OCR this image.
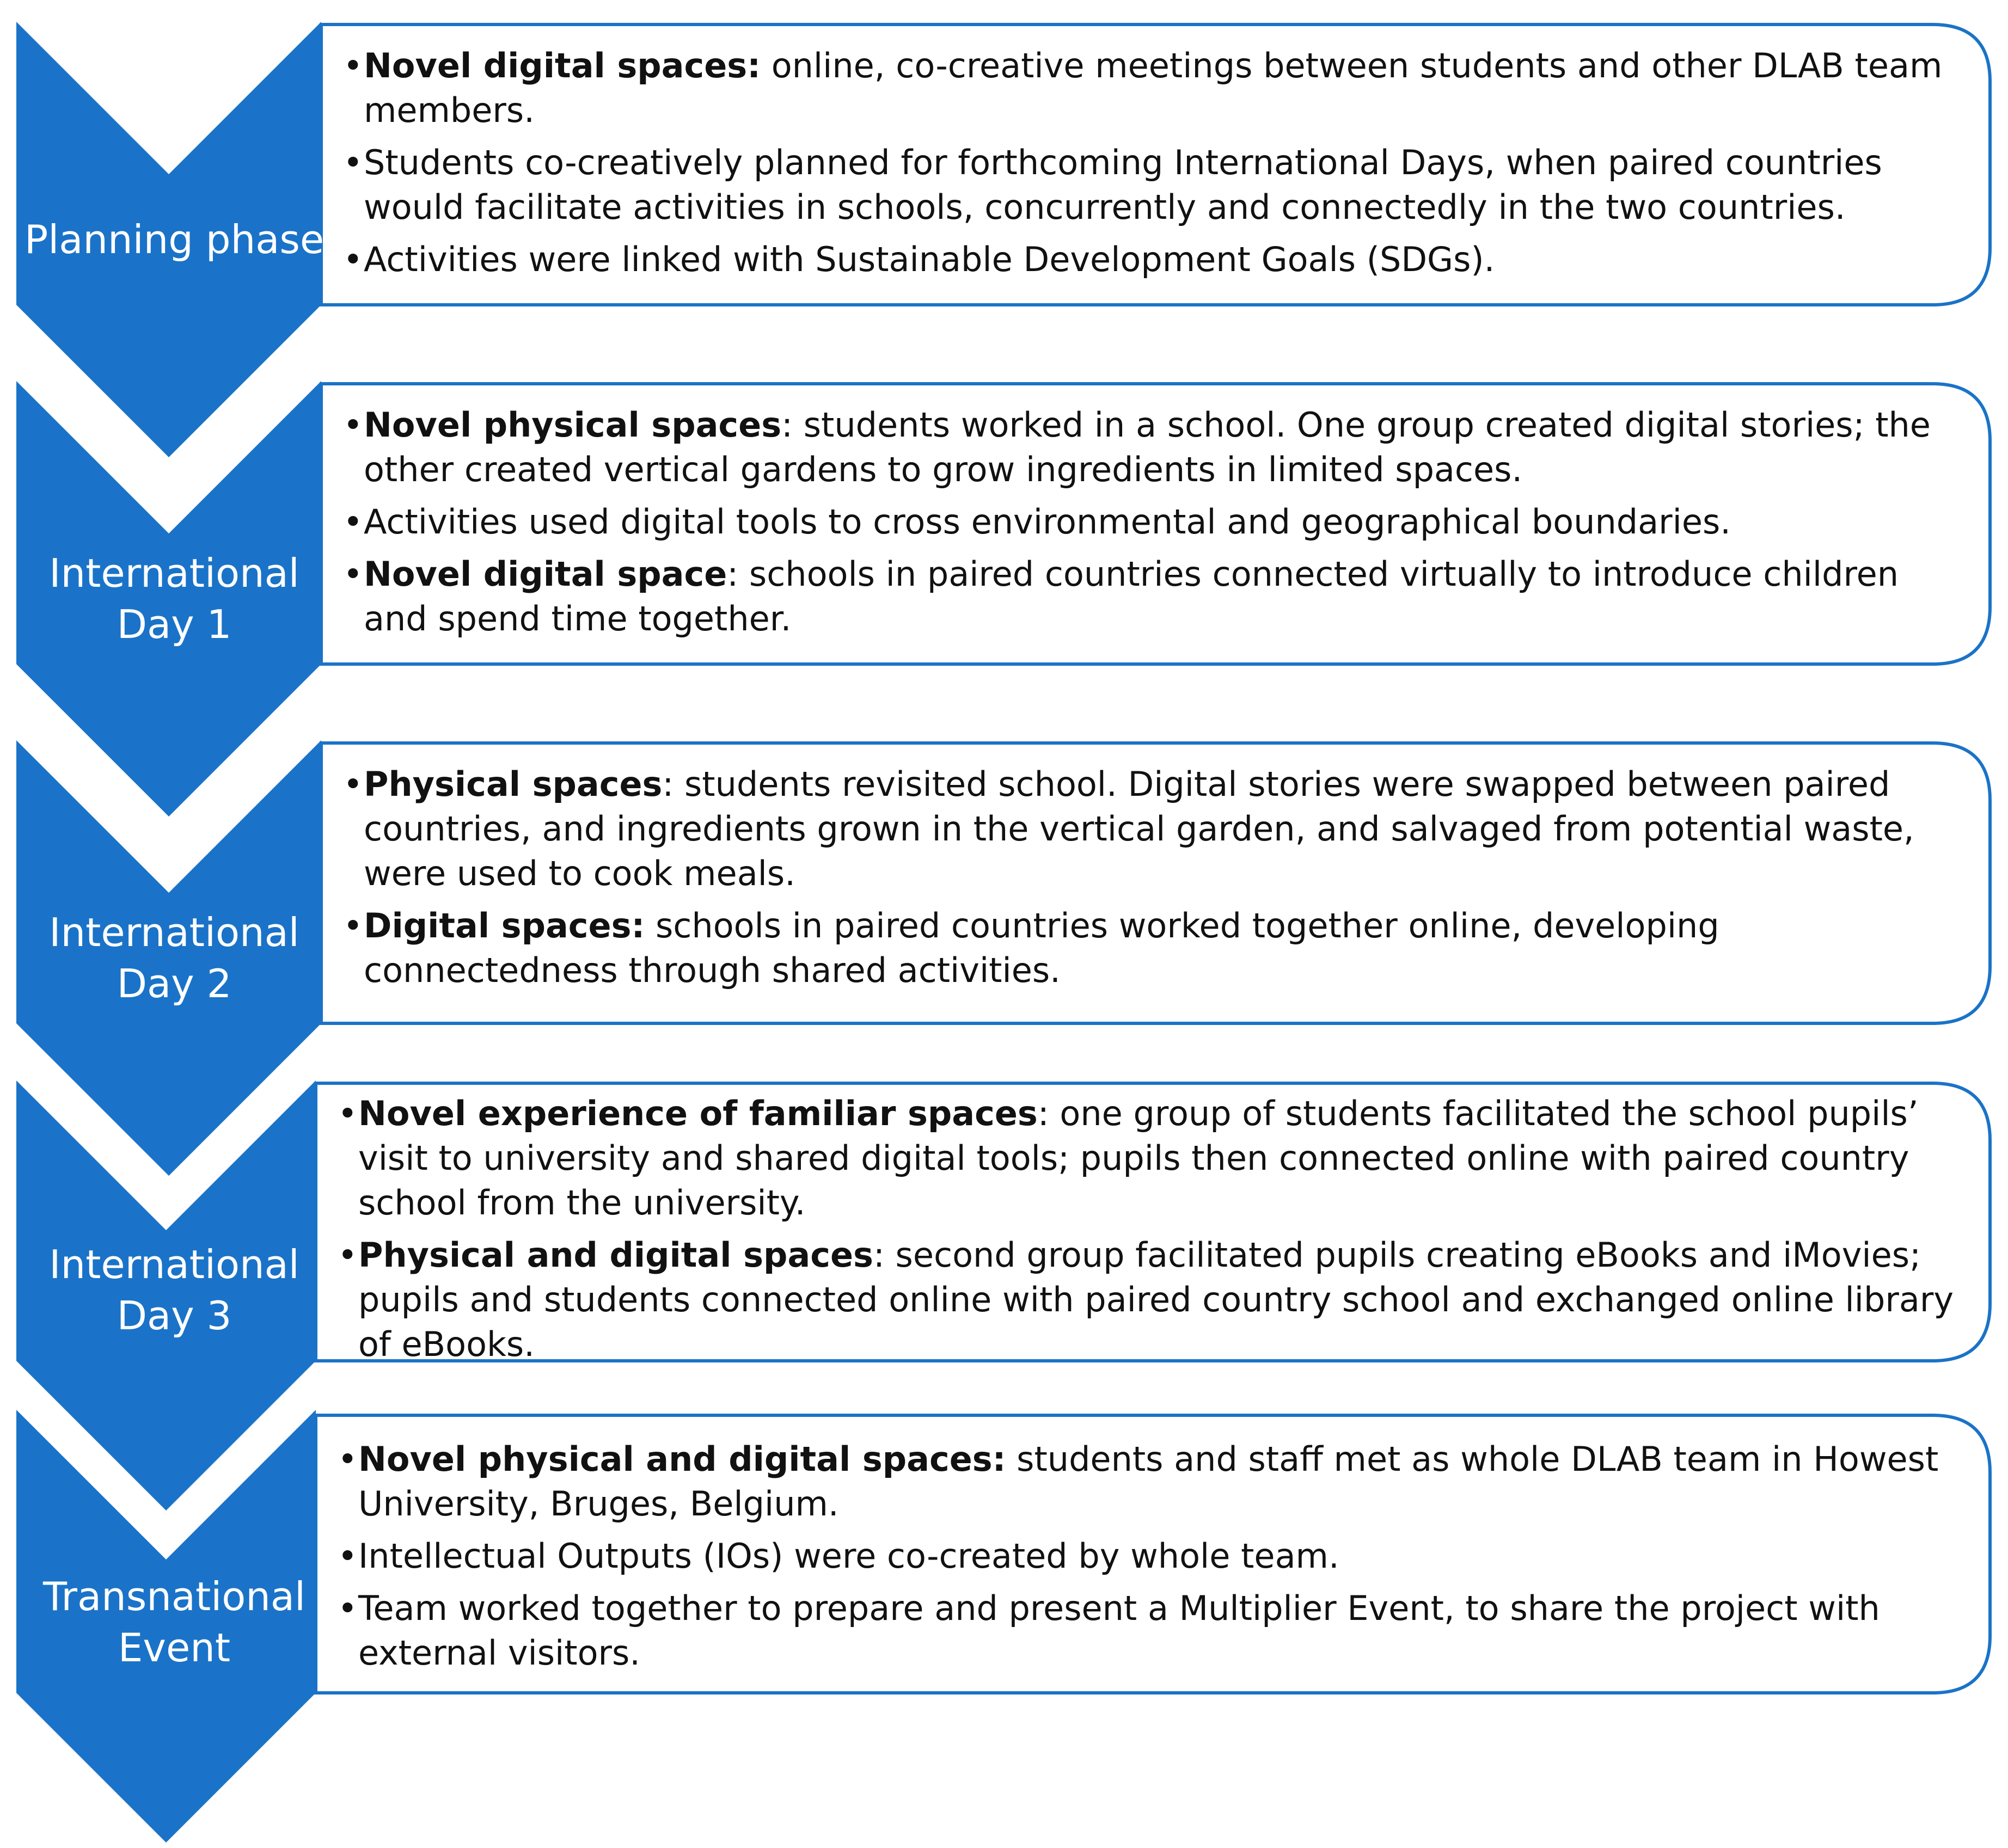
Planning phase
International Day 1
International Day 2
International Day 3
Transnational Event
• Novel digital spaces: online, co-creative meetings between students and other DLAB team members.
• Students co-creatively planned for forthcoming International Days, when paired countries would facilitate activities in schools, concurrently and connectedly in the two countries.
• Activities were linked with Sustainable Development Goals (SDGs).
• Novel physical spaces: students worked in a school. One group created digital stories; the other created vertical gardens to grow ingredients in limited spaces.
• Activities used digital tools to cross environmental and geographical boundaries.
• Novel digital space: schools in paired countries connected virtually to introduce children and spend time together.
• Physical spaces: students revisited school. Digital stories were swapped between paired countries, and ingredients grown in the vertical garden, and salvaged from potential waste, were used to cook meals.
• Digital spaces: schools in paired countries worked together online, developing connectedness through shared activities.
• Novel experience of familiar spaces: one group of students facilitated the school pupils’ visit to university and shared digital tools; pupils then connected online with paired country school from the university.
• Physical and digital spaces: second group facilitated pupils creating eBooks and iMovies; pupils and students connected online with paired country school and exchanged online library of eBooks.
• Novel physical and digital spaces: students and staff met as whole DLAB team in Howest University, Bruges, Belgium.
• Intellectual Outputs (IOs) were co-created by whole team.
• Team worked together to prepare and present a Multiplier Event, to share the project with external visitors.
